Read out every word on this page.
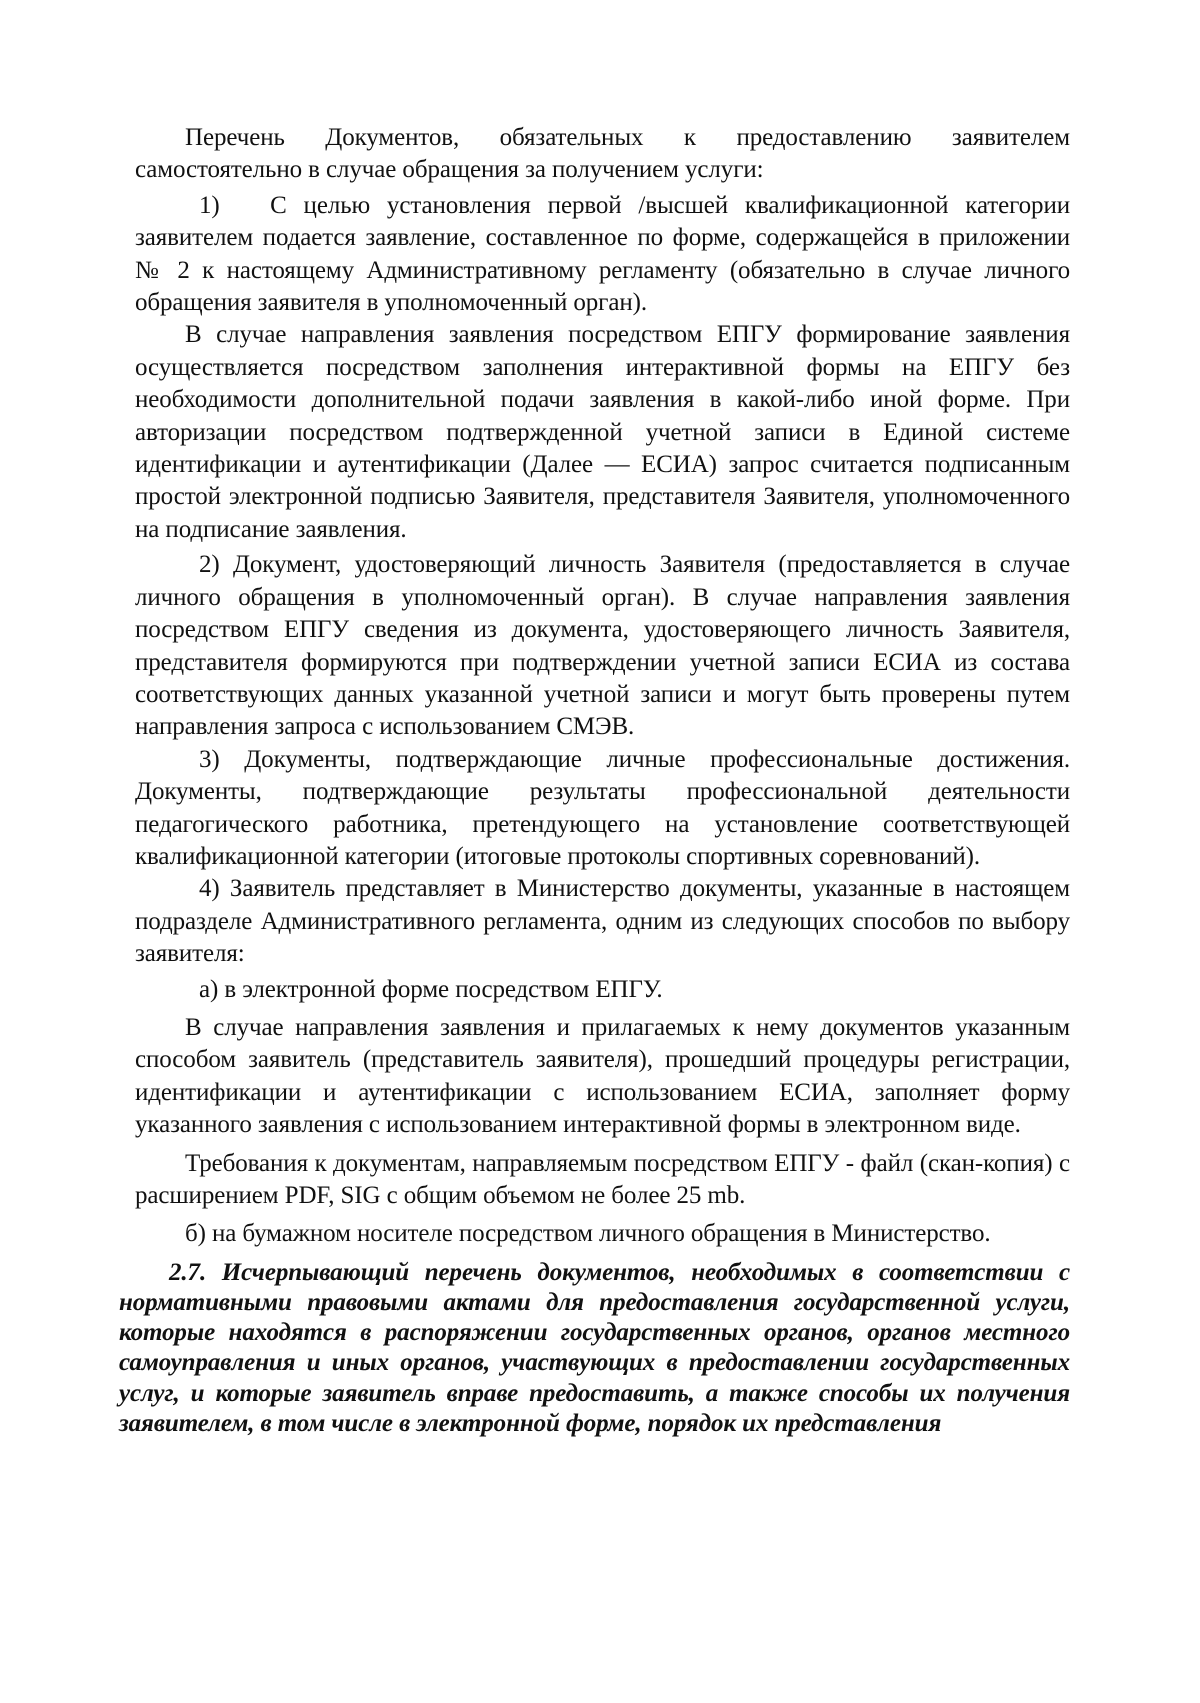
Перечень Документов, обязательных к предоставлению заявителем самостоятельно в случае обращения за получением услуги:

1)   С целью установления первой /высшей квалификационной категории заявителем подается заявление, составленное по форме, содержащейся в приложении № 2 к настоящему Административному регламенту (обязательно в случае личного обращения заявителя в уполномоченный орган).

В случае направления заявления посредством ЕПГУ формирование заявления осуществляется посредством заполнения интерактивной формы на ЕПГУ без необходимости дополнительной подачи заявления в какой-либо иной форме. При авторизации посредством подтвержденной учетной записи в Единой системе идентификации и аутентификации (Далее — ЕСИА) запрос считается подписанным простой электронной подписью Заявителя, представителя Заявителя, уполномоченного на подписание заявления.

2) Документ, удостоверяющий личность Заявителя (предоставляется в случае личного обращения в уполномоченный орган). В случае направления заявления посредством ЕПГУ сведения из документа, удостоверяющего личность Заявителя, представителя формируются при подтверждении учетной записи ЕСИА из состава соответствующих данных указанной учетной записи и могут быть проверены путем направления запроса с использованием СМЭВ.

3) Документы, подтверждающие личные профессиональные достижения. Документы, подтверждающие результаты профессиональной деятельности педагогического работника, претендующего на установление соответствующей квалификационной категории (итоговые протоколы спортивных соревнований).

4) Заявитель представляет в Министерство документы, указанные в настоящем подразделе Административного регламента, одним из следующих способов по выбору заявителя:

а) в электронной форме посредством ЕПГУ.

В случае направления заявления и прилагаемых к нему документов указанным способом заявитель (представитель заявителя), прошедший процедуры регистрации, идентификации и аутентификации с использованием ЕСИА, заполняет форму указанного заявления с использованием интерактивной формы в электронном виде.

Требования к документам, направляемым посредством ЕПГУ - файл (скан-копия) с расширением PDF, SIG с общим объемом не более 25 mb.

б) на бумажном носителе посредством личного обращения в Министерство.

2.7. Исчерпывающий перечень документов, необходимых в соответствии с нормативными правовыми актами для предоставления государственной услуги, которые находятся в распоряжении государственных органов, органов местного самоуправления и иных органов, участвующих в предоставлении государственных услуг, и которые заявитель вправе предоставить, а также способы их получения заявителем, в том числе в электронной форме, порядок их представления
